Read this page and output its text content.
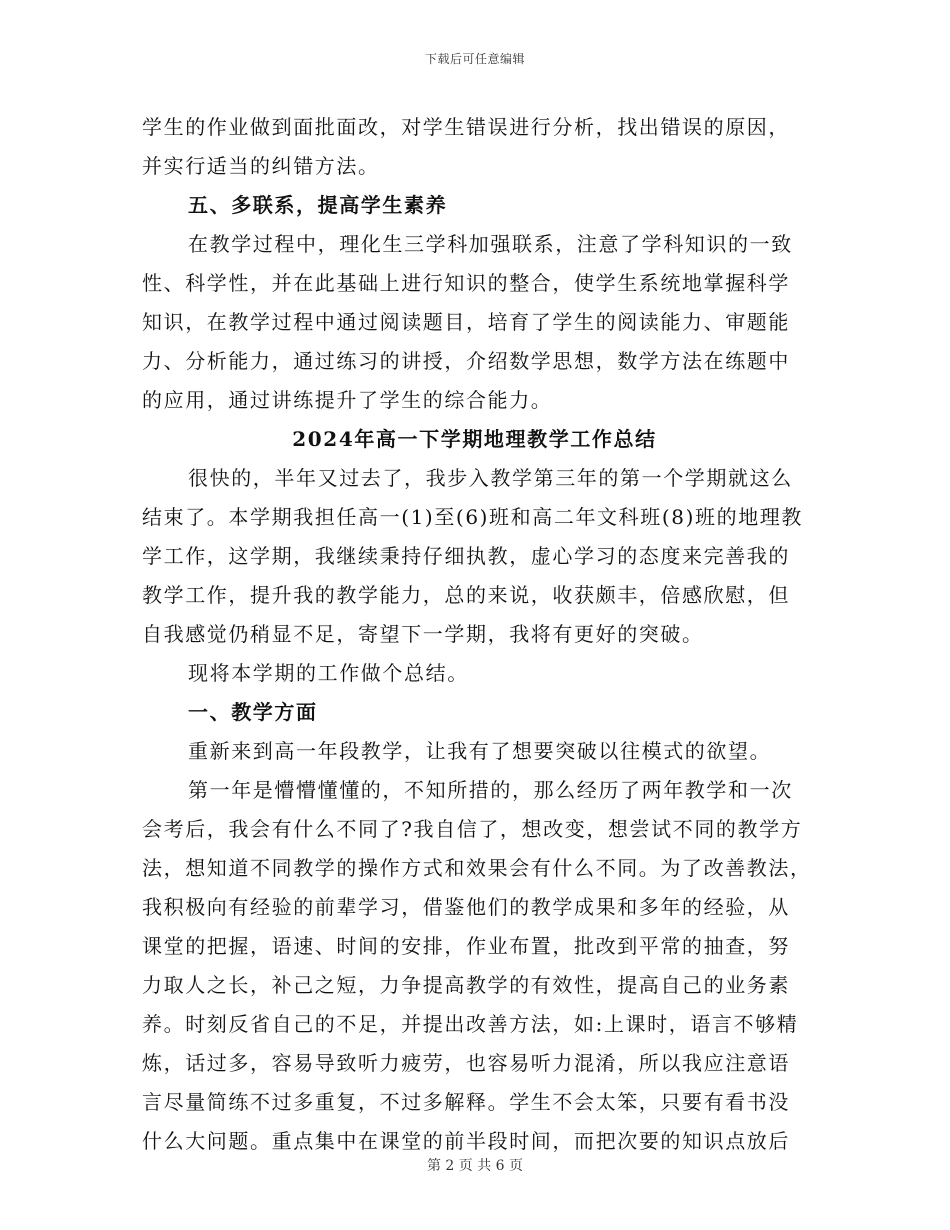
下载后可任意编辑

学生的作业做到面批面改，对学生错误进行分析，找出错误的原因，
并实行适当的纠错方法。

五、多联系，提高学生素养

在教学过程中，理化生三学科加强联系，注意了学科知识的一致
性、科学性，并在此基础上进行知识的整合，使学生系统地掌握科学
知识，在教学过程中通过阅读题目，培育了学生的阅读能力、审题能
力、分析能力，通过练习的讲授，介绍数学思想，数学方法在练题中
的应用，通过讲练提升了学生的综合能力。

2024年高一下学期地理教学工作总结

很快的，半年又过去了，我步入教学第三年的第一个学期就这么
结束了。本学期我担任高一(1)至(6)班和高二年文科班(8)班的地理教
学工作，这学期，我继续秉持仔细执教，虚心学习的态度来完善我的
教学工作，提升我的教学能力，总的来说，收获颇丰，倍感欣慰，但
自我感觉仍稍显不足，寄望下一学期，我将有更好的突破。

现将本学期的工作做个总结。

一、教学方面

重新来到高一年段教学，让我有了想要突破以往模式的欲望。

第一年是懵懵懂懂的，不知所措的，那么经历了两年教学和一次
会考后，我会有什么不同了?我自信了，想改变，想尝试不同的教学方
法，想知道不同教学的操作方式和效果会有什么不同。为了改善教法，
我积极向有经验的前辈学习，借鉴他们的教学成果和多年的经验，从
课堂的把握，语速、时间的安排，作业布置，批改到平常的抽查，努
力取人之长，补己之短，力争提高教学的有效性，提高自己的业务素
养。时刻反省自己的不足，并提出改善方法，如:上课时，语言不够精
炼，话过多，容易导致听力疲劳，也容易听力混淆，所以我应注意语
言尽量简练不过多重复，不过多解释。学生不会太笨，只要有看书没
什么大问题。重点集中在课堂的前半段时间，而把次要的知识点放后

第 2 页 共 6 页
